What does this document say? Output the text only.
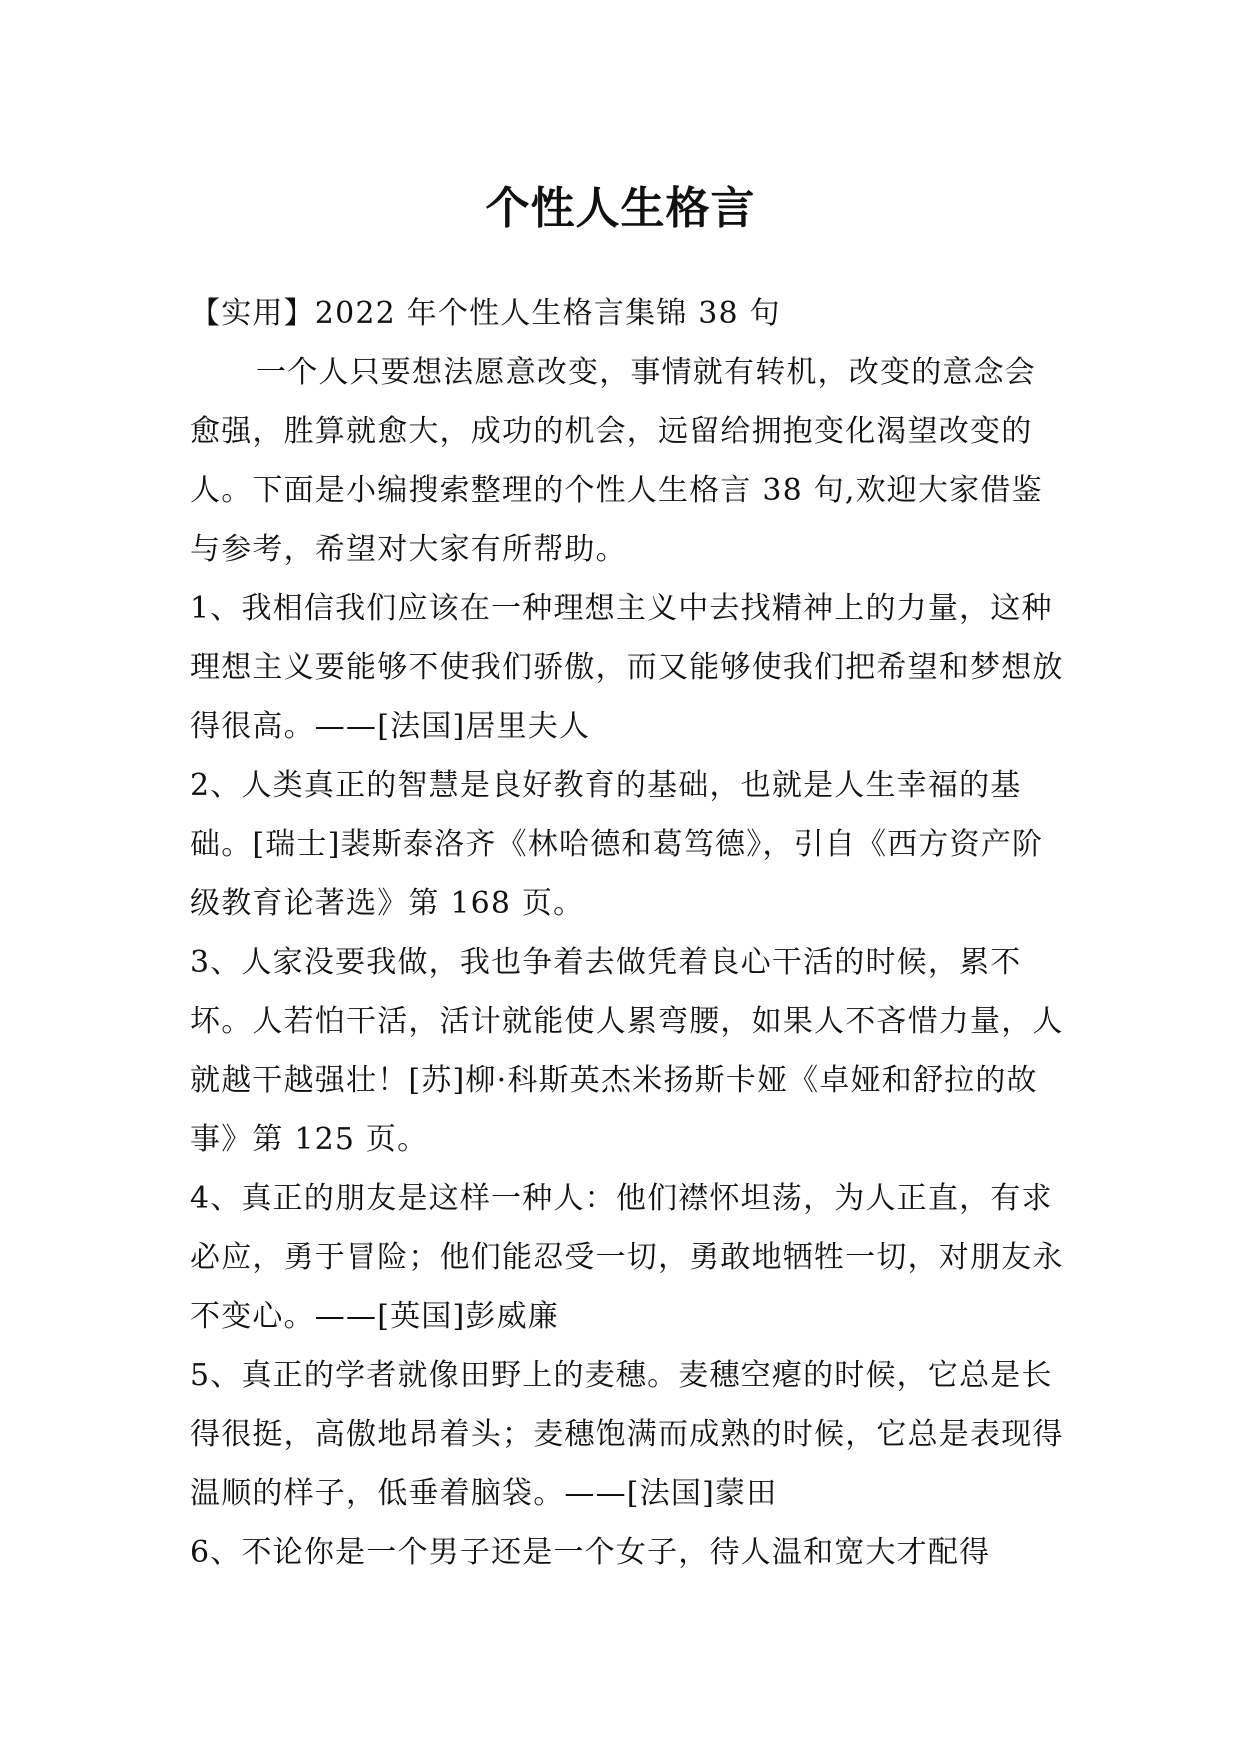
个性人生格言

【实用】2022 年个性人生格言集锦 38 句

一个人只要想法愿意改变，事情就有转机，改变的意念会愈强，胜算就愈大，成功的机会，远留给拥抱变化渴望改变的人。下面是小编搜索整理的个性人生格言 38 句,欢迎大家借鉴与参考，希望对大家有所帮助。

1、我相信我们应该在一种理想主义中去找精神上的力量，这种理想主义要能够不使我们骄傲，而又能够使我们把希望和梦想放得很高。——[法国]居里夫人

2、人类真正的智慧是良好教育的基础，也就是人生幸福的基础。[瑞士]裴斯泰洛齐《林哈德和葛笃德》，引自《西方资产阶级教育论著选》第 168 页。

3、人家没要我做，我也争着去做凭着良心干活的时候，累不坏。人若怕干活，活计就能使人累弯腰，如果人不吝惜力量，人就越干越强壮！[苏]柳·科斯英杰米扬斯卡娅《卓娅和舒拉的故事》第 125 页。

4、真正的朋友是这样一种人：他们襟怀坦荡，为人正直，有求必应，勇于冒险；他们能忍受一切，勇敢地牺牲一切，对朋友永不变心。——[英国]彭威廉

5、真正的学者就像田野上的麦穗。麦穗空瘪的时候，它总是长得很挺，高傲地昂着头；麦穗饱满而成熟的时候，它总是表现得温顺的样子，低垂着脑袋。——[法国]蒙田

6、不论你是一个男子还是一个女子，待人温和宽大才配得
